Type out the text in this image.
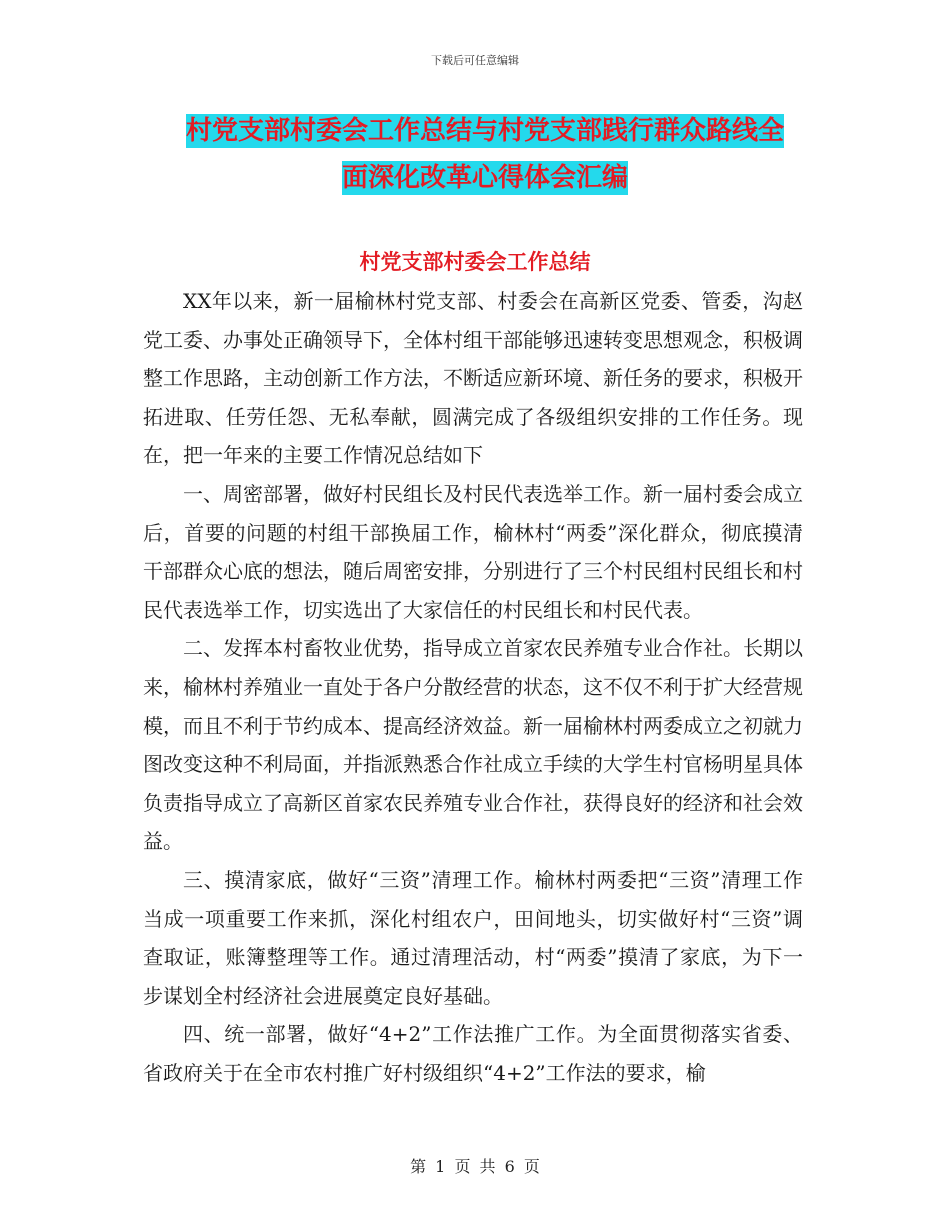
下载后可任意编辑
村党支部村委会工作总结与村党支部践行群众路线全
面深化改革心得体会汇编
村党支部村委会工作总结

XX年以来，新一届榆林村党支部、村委会在高新区党委、管委，沟赵党工委、办事处正确领导下，全体村组干部能够迅速转变思想观念，积极调整工作思路，主动创新工作方法，不断适应新环境、新任务的要求，积极开拓进取、任劳任怨、无私奉献，圆满完成了各级组织安排的工作任务。现在，把一年来的主要工作情况总结如下

一、周密部署，做好村民组长及村民代表选举工作。新一届村委会成立后，首要的问题的村组干部换届工作，榆林村“两委”深化群众，彻底摸清干部群众心底的想法，随后周密安排，分别进行了三个村民组村民组长和村民代表选举工作，切实选出了大家信任的村民组长和村民代表。

二、发挥本村畜牧业优势，指导成立首家农民养殖专业合作社。长期以来，榆林村养殖业一直处于各户分散经营的状态，这不仅不利于扩大经营规模，而且不利于节约成本、提高经济效益。新一届榆林村两委成立之初就力图改变这种不利局面，并指派熟悉合作社成立手续的大学生村官杨明星具体负责指导成立了高新区首家农民养殖专业合作社，获得良好的经济和社会效益。

三、摸清家底，做好“三资”清理工作。榆林村两委把“三资”清理工作当成一项重要工作来抓，深化村组农户，田间地头，切实做好村“三资”调查取证，账簿整理等工作。通过清理活动，村“两委”摸清了家底，为下一步谋划全村经济社会进展奠定良好基础。

四、统一部署，做好“4+2”工作法推广工作。为全面贯彻落实省委、省政府关于在全市农村推广好村级组织“4+2”工作法的要求，榆

第 1 页 共 6 页
